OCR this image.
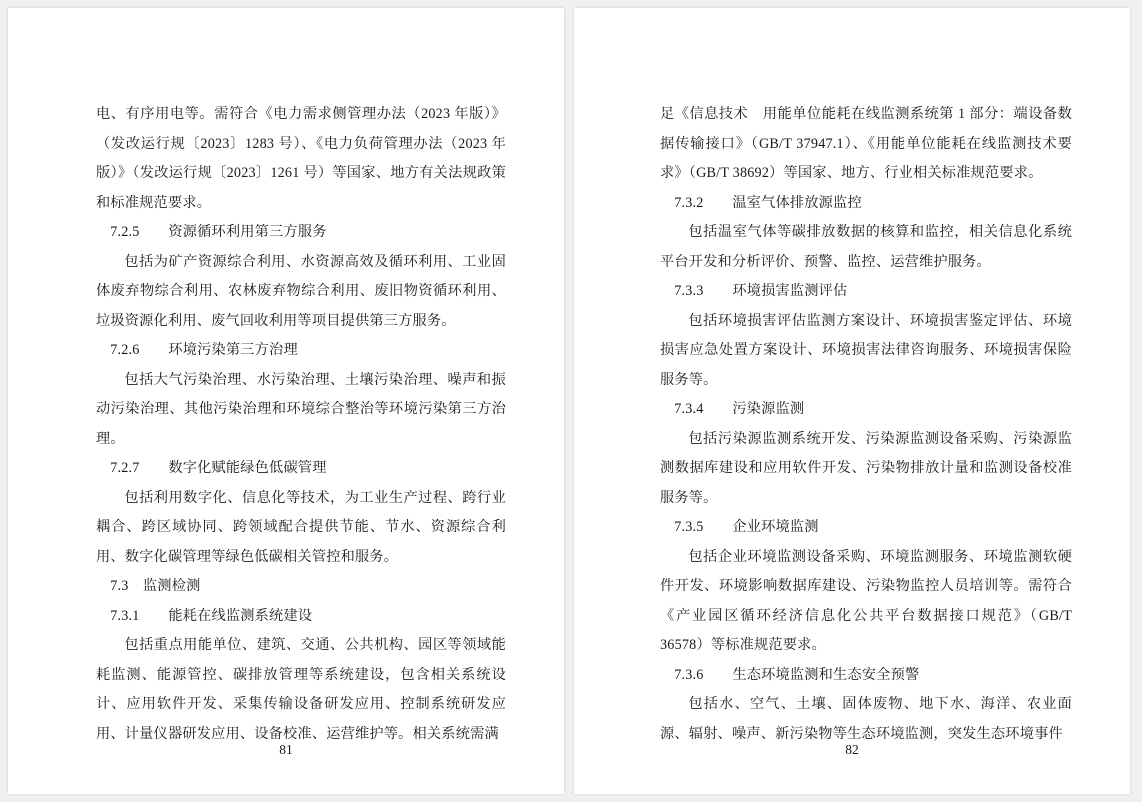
电、有序用电等。需符合《电力需求侧管理办法（2023 年版）》（发改运行规〔2023〕1283 号）、《电力负荷管理办法（2023 年版）》（发改运行规〔2023〕1261 号）等国家、地方有关法规政策和标准规范要求。

7.2.5　　资源循环利用第三方服务

包括为矿产资源综合利用、水资源高效及循环利用、工业固体废弃物综合利用、农林废弃物综合利用、废旧物资循环利用、垃圾资源化利用、废气回收利用等项目提供第三方服务。

7.2.6　　环境污染第三方治理

包括大气污染治理、水污染治理、土壤污染治理、噪声和振动污染治理、其他污染治理和环境综合整治等环境污染第三方治理。

7.2.7　　数字化赋能绿色低碳管理

包括利用数字化、信息化等技术，为工业生产过程、跨行业耦合、跨区域协同、跨领域配合提供节能、节水、资源综合利用、数字化碳管理等绿色低碳相关管控和服务。

7.3　监测检测

7.3.1　　能耗在线监测系统建设

包括重点用能单位、建筑、交通、公共机构、园区等领域能耗监测、能源管控、碳排放管理等系统建设，包含相关系统设计、应用软件开发、采集传输设备研发应用、控制系统研发应用、计量仪器研发应用、设备校准、运营维护等。相关系统需满

81

足《信息技术　用能单位能耗在线监测系统第 1 部分：端设备数据传输接口》（GB/T 37947.1）、《用能单位能耗在线监测技术要求》（GB/T 38692）等国家、地方、行业相关标准规范要求。

7.3.2　　温室气体排放源监控

包括温室气体等碳排放数据的核算和监控，相关信息化系统平台开发和分析评价、预警、监控、运营维护服务。

7.3.3　　环境损害监测评估

包括环境损害评估监测方案设计、环境损害鉴定评估、环境损害应急处置方案设计、环境损害法律咨询服务、环境损害保险服务等。

7.3.4　　污染源监测

包括污染源监测系统开发、污染源监测设备采购、污染源监测数据库建设和应用软件开发、污染物排放计量和监测设备校准服务等。

7.3.5　　企业环境监测

包括企业环境监测设备采购、环境监测服务、环境监测软硬件开发、环境影响数据库建设、污染物监控人员培训等。需符合《产业园区循环经济信息化公共平台数据接口规范》（GB/T 36578）等标准规范要求。

7.3.6　　生态环境监测和生态安全预警

包括水、空气、土壤、固体废物、地下水、海洋、农业面源、辐射、噪声、新污染物等生态环境监测，突发生态环境事件

82
